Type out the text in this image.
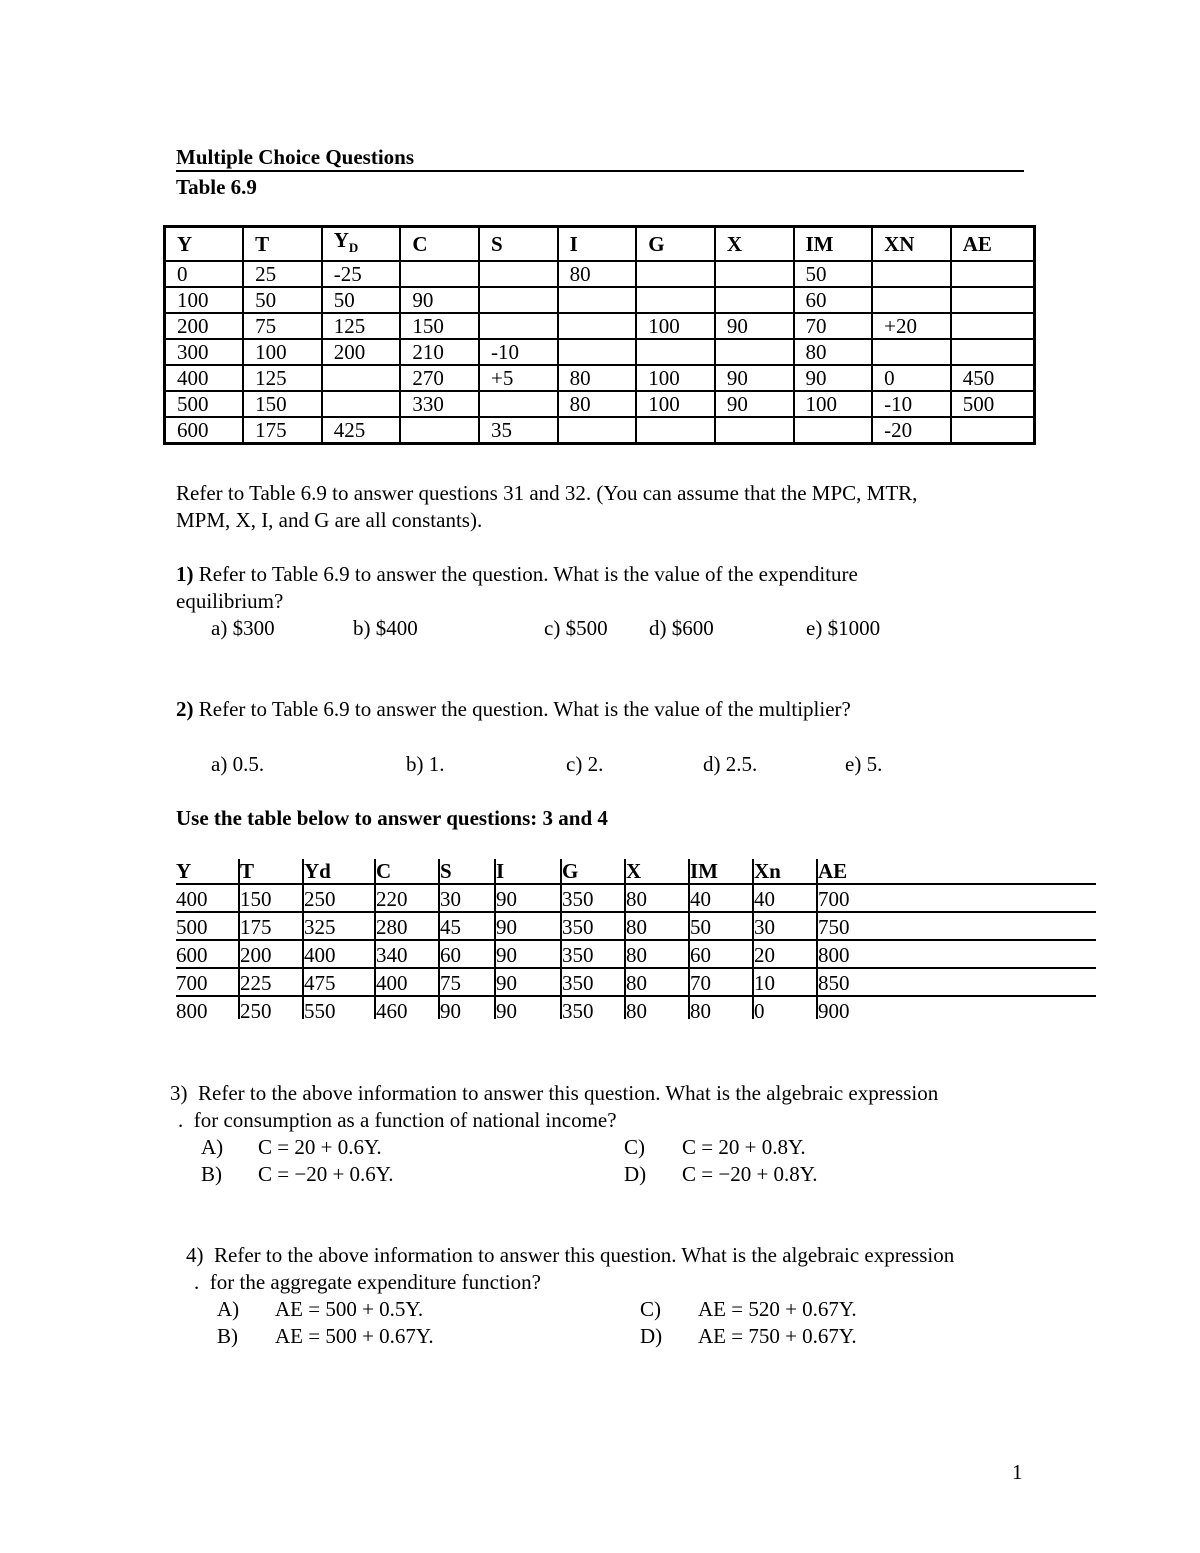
Multiple Choice Questions
Table 6.9
Y	T	$Y_D$	C	S	I	G	X	IM	XN	AE
0	25	-25			80			50		
100	50	50	90					60		
200	75	125	150			100	90	70	+20	
300	100	200	210	-10				80		
400	125		270	+5	80	100	90	90	0	450
500	150		330		80	100	90	100	-10	500
600	175	425		35					-20	
Refer to Table 6.9 to answer questions 31 and 32. (You can assume that the MPC, MTR,
MPM, X, I, and G are all constants).
1) Refer to Table 6.9 to answer the question. What is the value of the expenditure
equilibrium?
a) $300	b) $400	c) $500 d) $600	e) $1000
2) Refer to Table 6.9 to answer the question. What is the value of the multiplier?
a) 0.5.	b) 1.	c) 2.	d) 2.5.	e) 5.
Use the table below to answer questions: 3 and 4
Y T Yd C S I	G X IM Xn AE
400 150 250 220 30 90 350 80 40 40 700
500 175 325 280 45 90 350 80 50 30 750
600 200 400 340 60 90 350 80 60 20 800
700 225 475 400 75 90 350 80 70 10 850
800 250 550 460 90 90 350 80 80 0	900
3) Refer to the above information to answer this question. What is the algebraic expression
. for consumption as a function of national income?
A) C = 20 + 0.6Y.
B) C = −20 + 0.6Y.
C) C = 20 + 0.8Y.
D) C = −20 + 0.8Y.
4) Refer to the above information to answer this question. What is the algebraic expression
. for the aggregate expenditure function?
A) AE = 500 + 0.5Y.
B) AE = 500 + 0.67Y.
C) AE = 520 + 0.67Y.
D) AE = 750 + 0.67Y.
1
